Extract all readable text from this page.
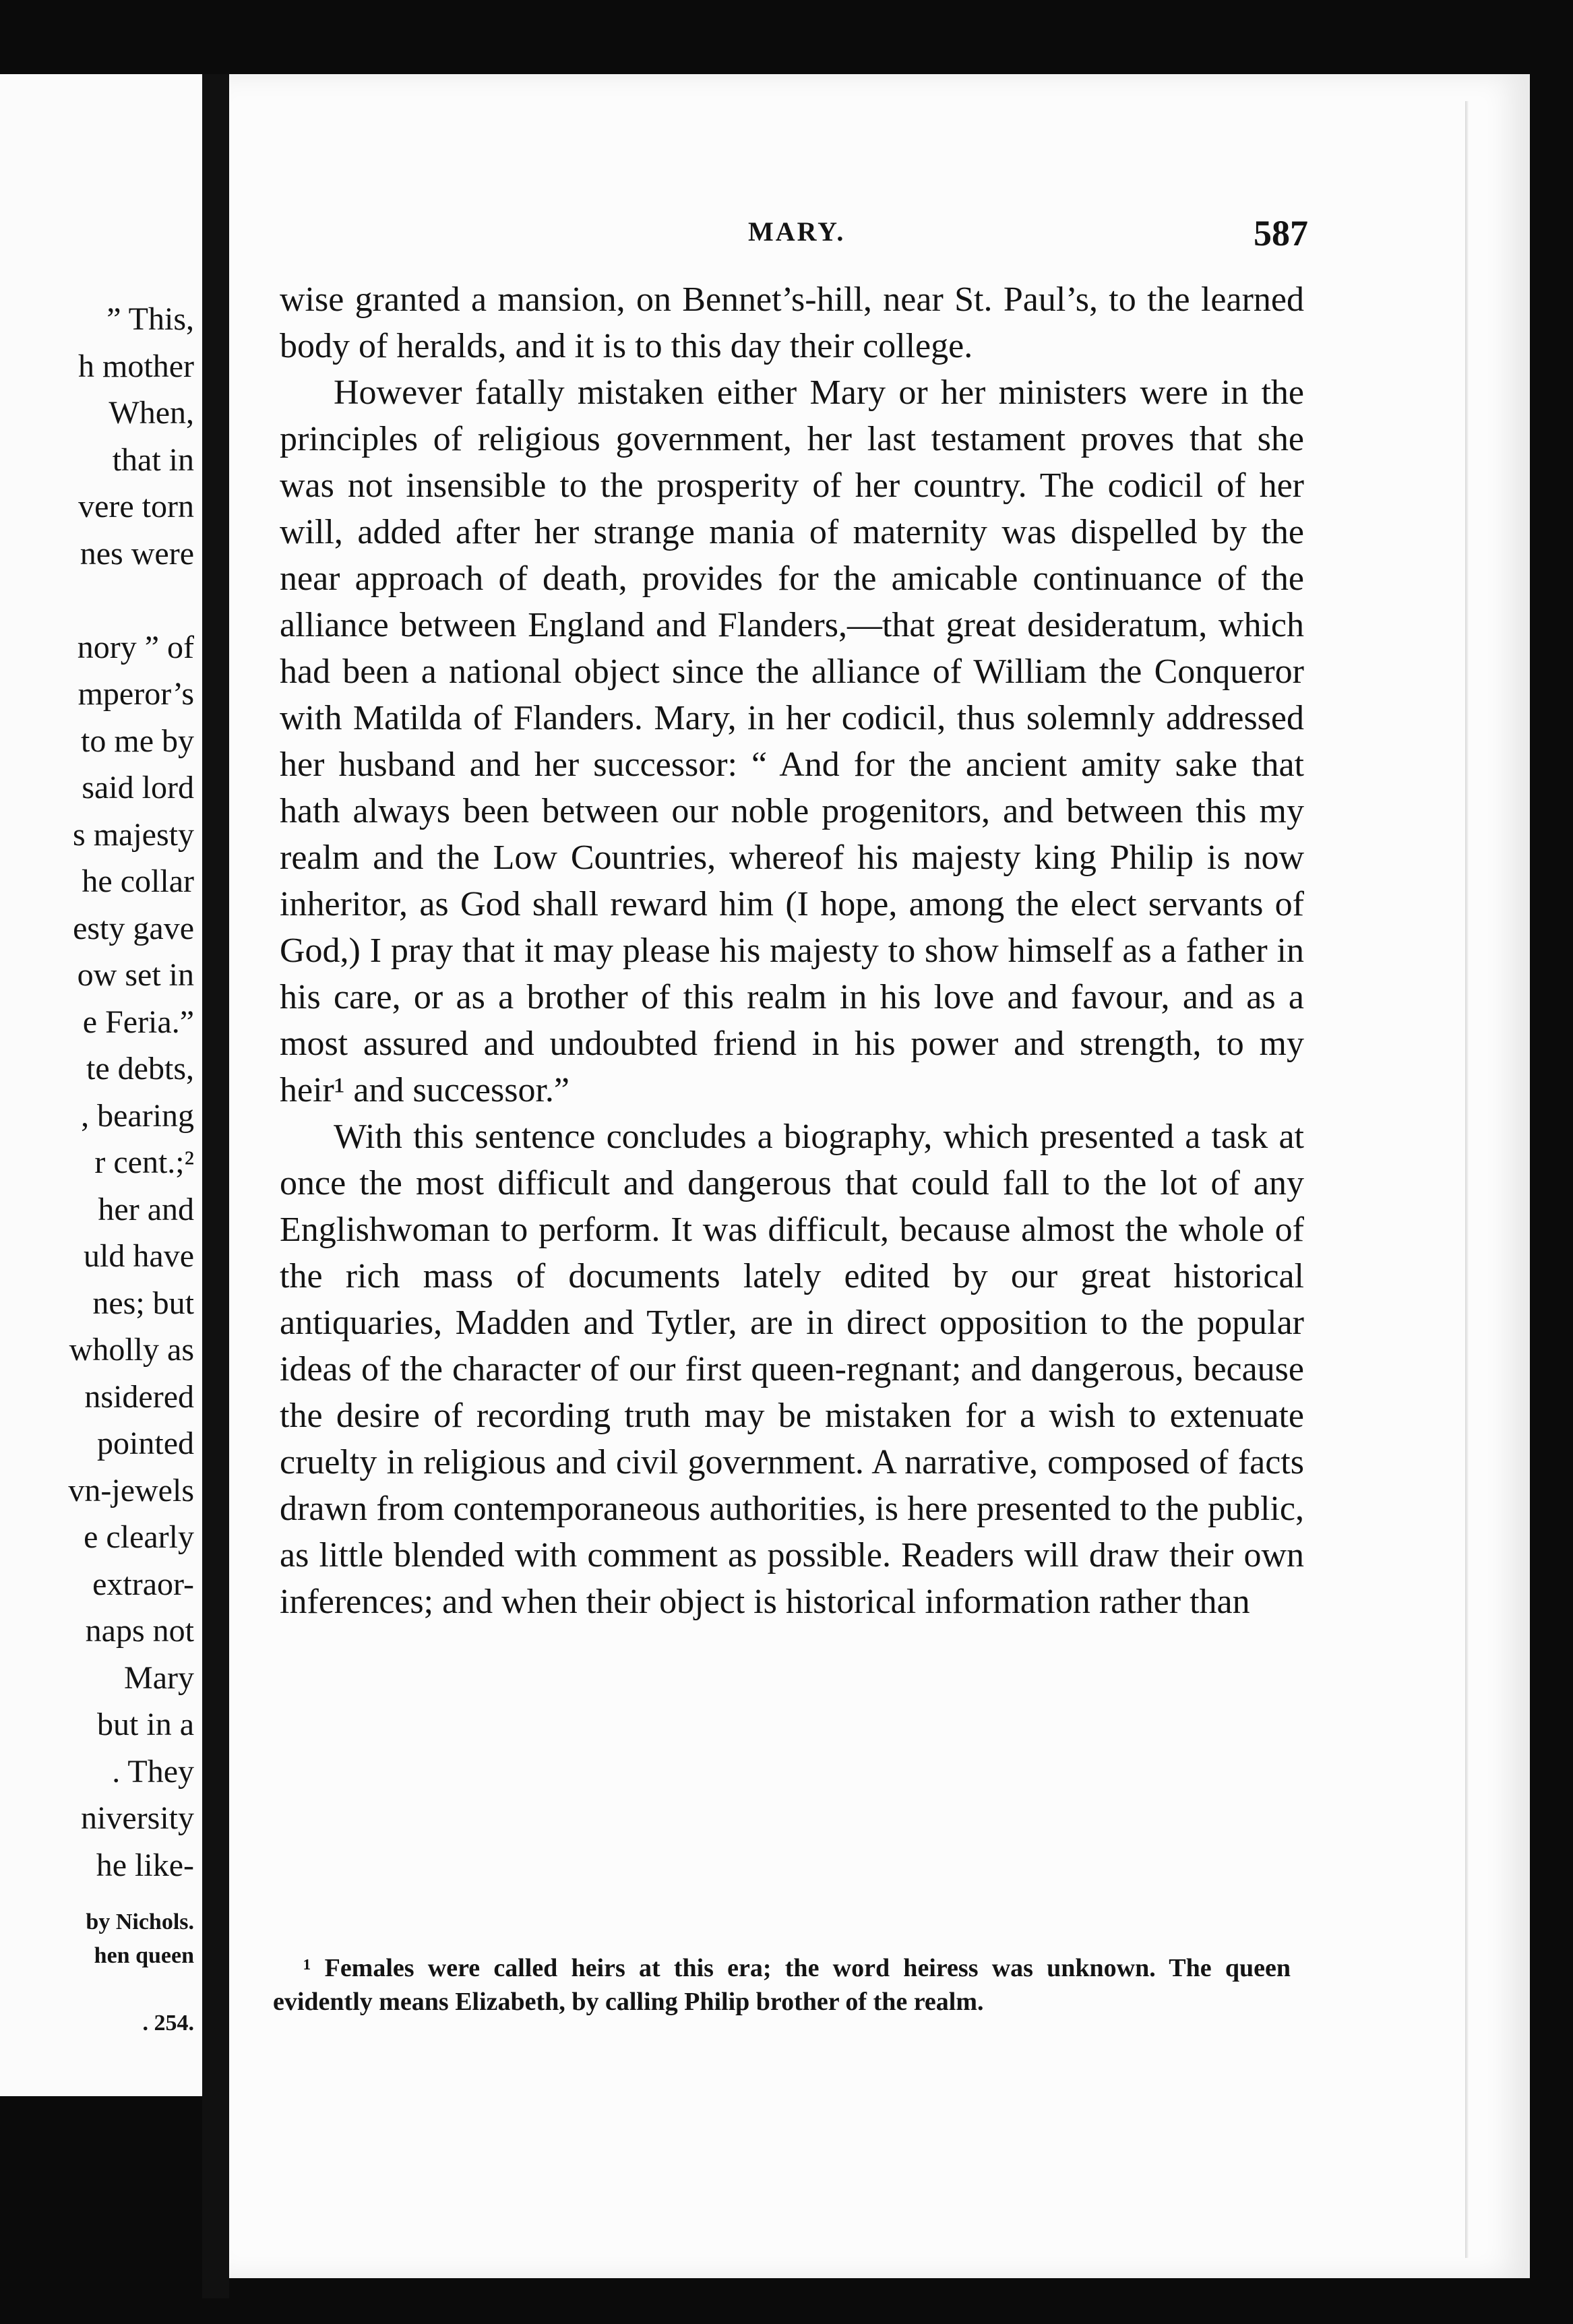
” This,
h mother
When,
that in
vere torn
nes were
nory ” of
mperor’s
to me by
said lord
s majesty
he collar
esty gave
ow set in
e Feria.”
te debts,
, bearing
r cent.;²
her and
uld have
nes; but
wholly as
nsidered
pointed
vn-jewels
e clearly
extraor-
naps not
Mary
but in a
. They
niversity
he like-
by Nichols.
hen queen
. 254.
MARY.	587

wise granted a mansion, on Bennet’s-hill, near St. Paul’s, to the learned body of heralds, and it is to this day their college.

However fatally mistaken either Mary or her ministers were in the principles of religious government, her last testament proves that she was not insensible to the prosperity of her country. The codicil of her will, added after her strange mania of maternity was dispelled by the near approach of death, provides for the amicable continuance of the alliance between England and Flanders,—that great desideratum, which had been a national object since the alliance of William the Conqueror with Matilda of Flanders. Mary, in her codicil, thus solemnly addressed her husband and her successor: “ And for the ancient amity sake that hath always been between our noble progenitors, and between this my realm and the Low Countries, whereof his majesty king Philip is now inheritor, as God shall reward him (I hope, among the elect servants of God,) I pray that it may please his majesty to show himself as a father in his care, or as a brother of this realm in his love and favour, and as a most assured and undoubted friend in his power and strength, to my heir¹ and successor.”

With this sentence concludes a biography, which presented a task at once the most difficult and dangerous that could fall to the lot of any Englishwoman to perform. It was difficult, because almost the whole of the rich mass of documents lately edited by our great historical antiquaries, Madden and Tytler, are in direct opposition to the popular ideas of the character of our first queen-regnant; and dangerous, because the desire of recording truth may be mistaken for a wish to extenuate cruelty in religious and civil government. A narrative, composed of facts drawn from contemporaneous authorities, is here presented to the public, as little blended with comment as possible. Readers will draw their own inferences; and when their object is historical information rather than

¹ Females were called heirs at this era; the word heiress was unknown. The queen evidently means Elizabeth, by calling Philip brother of the realm.
